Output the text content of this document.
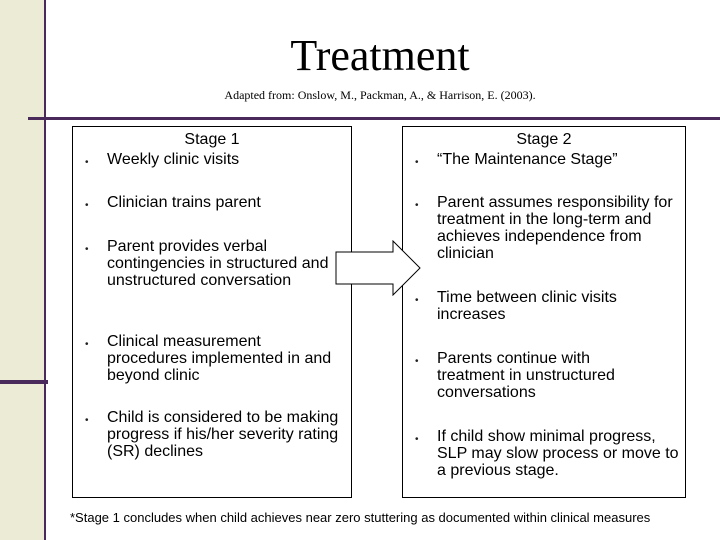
Treatment
Adapted from: Onslow, M., Packman, A., & Harrison, E. (2003).
Stage 1
• Weekly clinic visits
• Clinician trains parent
• Parent provides verbal contingencies in structured and unstructured conversation
• Clinical measurement procedures implemented in and beyond clinic
• Child is considered to be making progress if his/her severity rating (SR) declines
Stage 2
• “The Maintenance Stage”
• Parent assumes responsibility for treatment in the long-term and achieves independence from clinician
• Time between clinic visits increases
• Parents continue with treatment in unstructured conversations
• If child show minimal progress, SLP may slow process or move to a previous stage.
*Stage 1 concludes when child achieves near zero stuttering as documented within clinical measures
